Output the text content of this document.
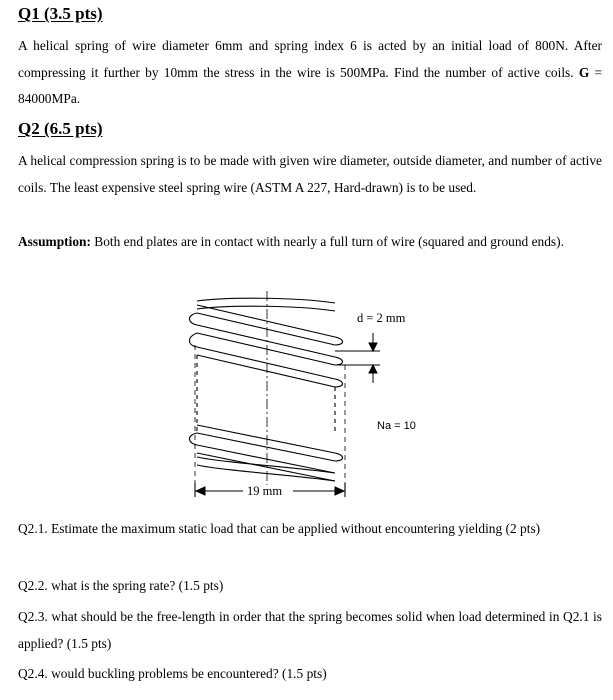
Q1 (3.5 pts)
A helical spring of wire diameter 6mm and spring index 6 is acted by an initial load of 800N. After compressing it further by 10mm the stress in the wire is 500MPa. Find the number of active coils. G = 84000MPa.
Q2 (6.5 pts)
A helical compression spring is to be made with given wire diameter, outside diameter, and number of active coils. The least expensive steel spring wire (ASTM A 227, Hard-drawn) is to be used.
Assumption: Both end plates are in contact with nearly a full turn of wire (squared and ground ends).
d = 2 mm
Na = 10
19 mm
Q2.1. Estimate the maximum static load that can be applied without encountering yielding (2 pts)
Q2.2. what is the spring rate? (1.5 pts)
Q2.3. what should be the free-length in order that the spring becomes solid when load determined in Q2.1 is applied? (1.5 pts)
Q2.4. would buckling problems be encountered? (1.5 pts)
